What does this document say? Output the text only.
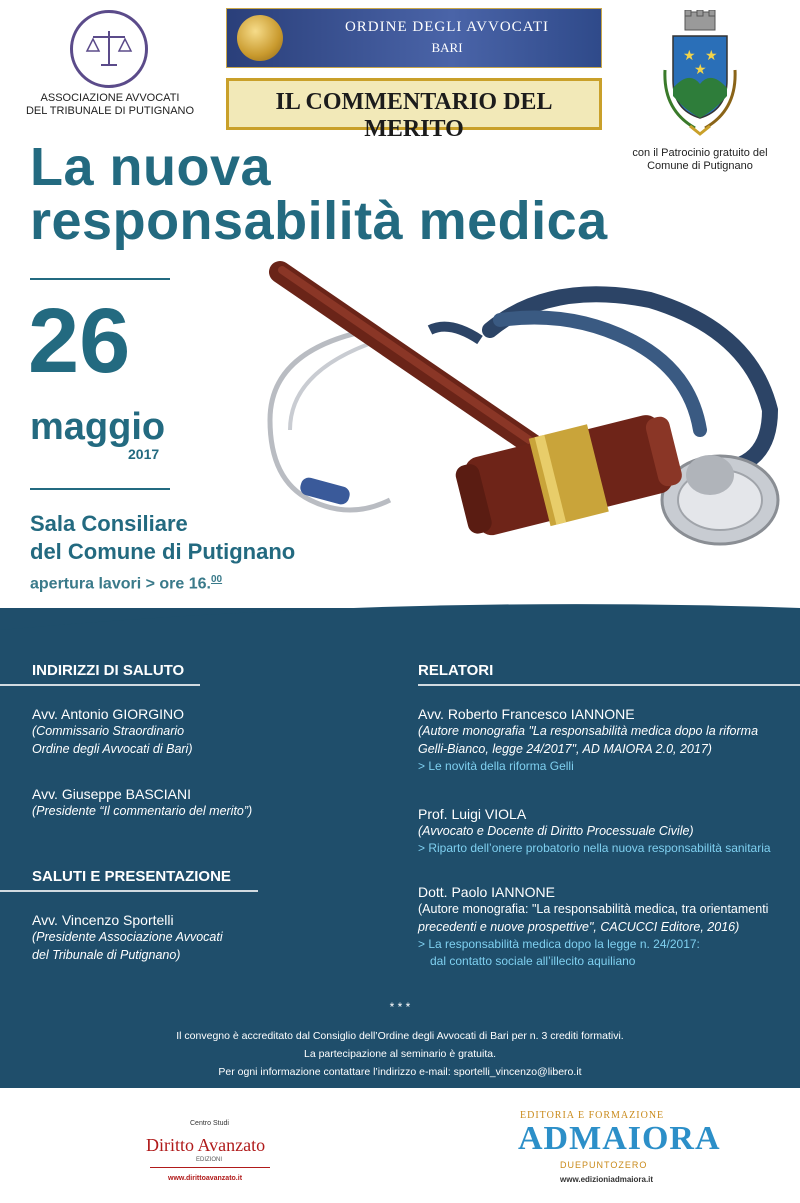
ASSOCIAZIONE AVVOCATI
DEL TRIBUNALE DI PUTIGNANO
ORDINE DEGLI AVVOCATI
BARI
IL COMMENTARIO DEL MERITO
★ ★
★
con il Patrocinio gratuito del
Comune di Putignano
La nuova
responsabilità medica
26
maggio
2017
Sala Consiliare
del Comune di Putignano
apertura lavori > ore 16.00
INDIRIZZI DI SALUTO
Avv. Antonio GIORGINO
(Commissario Straordinario
Ordine degli Avvocati di Bari)
Avv. Giuseppe BASCIANI
(Presidente “Il commentario del merito”)
SALUTI E PRESENTAZIONE
Avv. Vincenzo Sportelli
(Presidente Associazione Avvocati
del Tribunale di Putignano)
RELATORI
Avv. Roberto Francesco IANNONE
(Autore monografia "La responsabilità medica dopo la riforma
Gelli-Bianco, legge 24/2017", AD MAIORA 2.0, 2017)
> Le novità della riforma Gelli
Prof. Luigi VIOLA
(Avvocato e Docente di Diritto Processuale Civile)
> Riparto dell’onere probatorio nella nuova responsabilità sanitaria
Dott. Paolo IANNONE
(Autore monografia: "La responsabilità medica, tra orientamenti
precedenti e nuove prospettive", CACUCCI Editore, 2016)
> La responsabilità medica dopo la legge n. 24/2017:
dal contatto sociale all’illecito aquiliano
* * *
Il convegno è accreditato dal Consiglio dell’Ordine degli Avvocati di Bari per n. 3 crediti formativi.
La partecipazione al seminario è gratuita.
Per ogni informazione contattare l’indirizzo e-mail: sportelli_vincenzo@libero.it
Centro Studi
Diritto Avanzato
EDIZIONI
www.dirittoavanzato.it
EDITORIA E FORMAZIONE
ADMAIORA
DUEPUNTOZERO
www.edizioniadmaiora.it
